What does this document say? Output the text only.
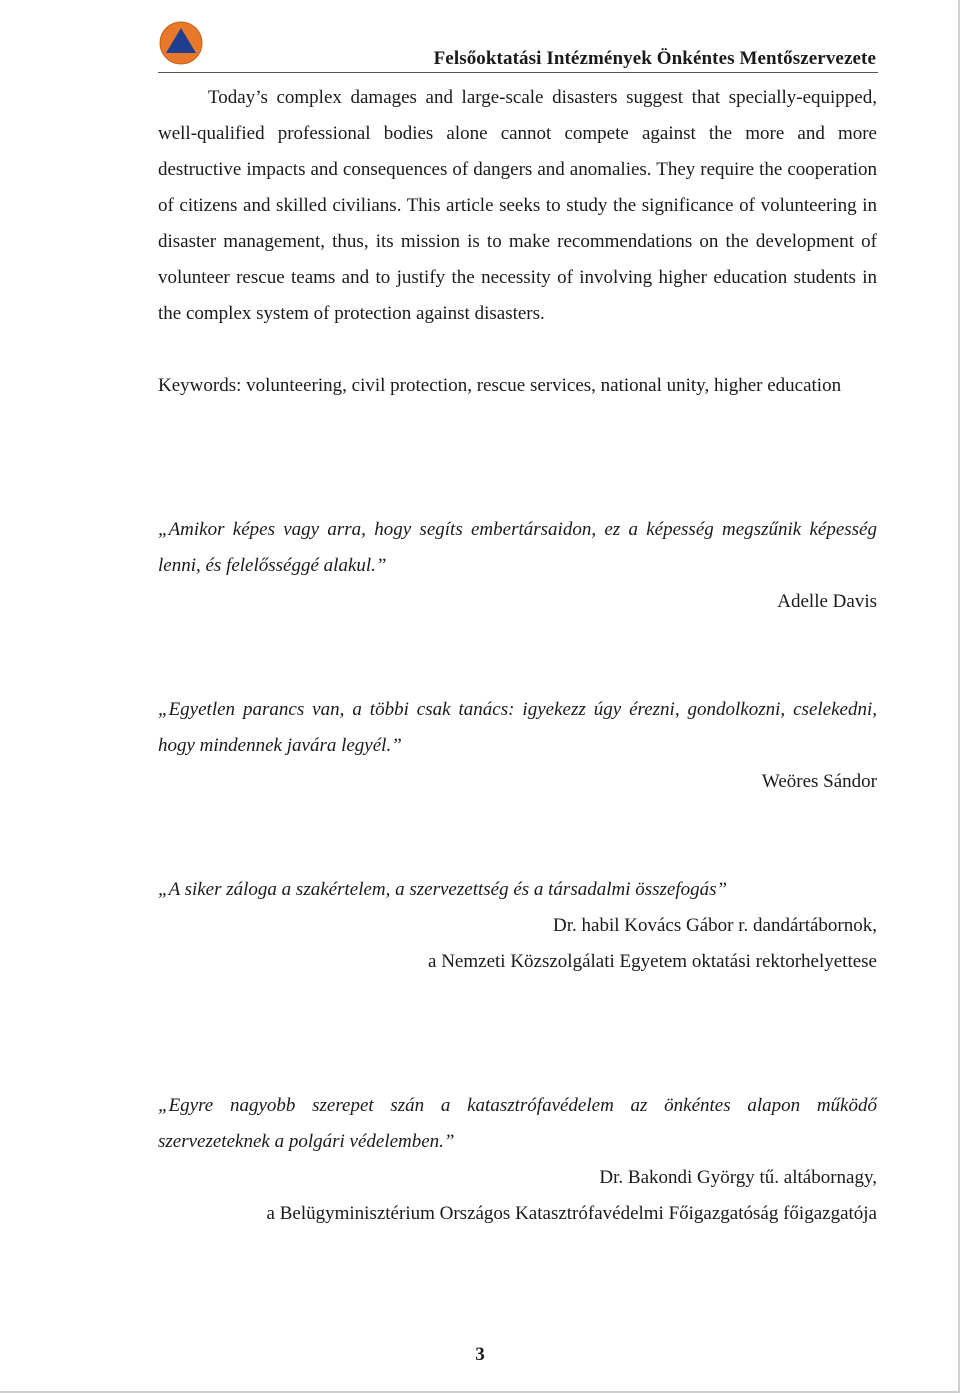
Felsőoktatási Intézmények Önkéntes Mentőszervezete

Today’s complex damages and large-scale disasters suggest that specially-equipped, well-qualified professional bodies alone cannot compete against the more and more destructive impacts and consequences of dangers and anomalies. They require the cooperation of citizens and skilled civilians. This article seeks to study the significance of volunteering in disaster management, thus, its mission is to make recommendations on the development of volunteer rescue teams and to justify the necessity of involving higher education students in the complex system of protection against disasters.

Keywords: volunteering, civil protection, rescue services, national unity, higher education

„Amikor képes vagy arra, hogy segíts embertársaidon, ez a képesség megszűnik képesség lenni, és felelősséggé alakul.”

Adelle Davis

„Egyetlen parancs van, a többi csak tanács: igyekezz úgy érezni, gondolkozni, cselekedni, hogy mindennek javára legyél.”

Weöres Sándor

„A siker záloga a szakértelem, a szervezettség és a társadalmi összefogás”

Dr. habil Kovács Gábor r. dandártábornok,

a Nemzeti Közszolgálati Egyetem oktatási rektorhelyettese

„Egyre nagyobb szerepet szán a katasztrófavédelem az önkéntes alapon működő szervezeteknek a polgári védelemben.”

Dr. Bakondi György tű. altábornagy,

a Belügyminisztérium Országos Katasztrófavédelmi Főigazgatóság főigazgatója

3
